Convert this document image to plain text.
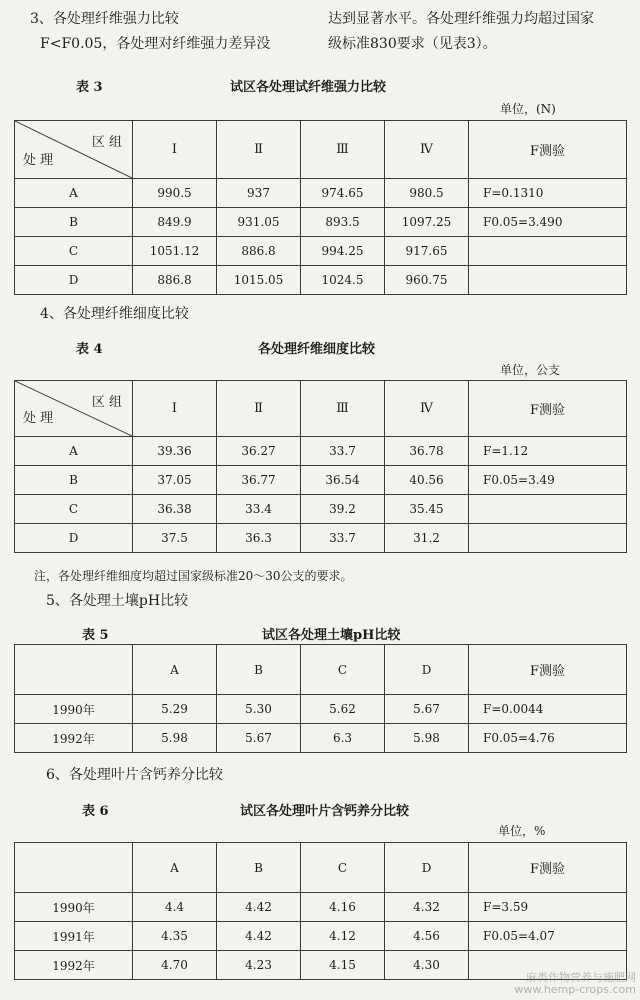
3、各处理纤维强力比较	达到显著水平。各处理纤维强力均超过国家
F<F0.05，各处理对纤维强力差异没	级标准830要求（见表3）。
表 3	试区各处理试纤维强力比较
单位，(N)
区 组
处 理	Ⅰ	Ⅱ	Ⅲ	Ⅳ	F测验
A	990.5	937	974.65	980.5	F=0.1310
B	849.9	931.05	893.5	1097.25	F0.05=3.490
C	1051.12	886.8	994.25	917.65	
D	886.8	1015.05	1024.5	960.75	
4、各处理纤维细度比较
表 4	各处理纤维细度比较
单位，公支
区 组
处 理	Ⅰ	Ⅱ	Ⅲ	Ⅳ	F测验
A	39.36	36.27	33.7	36.78	F=1.12
B	37.05	36.77	36.54	40.56	F0.05=3.49
C	36.38	33.4	39.2	35.45	
D	37.5	36.3	33.7	31.2	
注，各处理纤维细度均超过国家级标准20～30公支的要求。
5、各处理土壤pH比较
表 5	试区各处理土壤pH比较
	A	B	C	D	F测验
1990年	5.29	5.30	5.62	5.67	F=0.0044
1992年	5.98	5.67	6.3	5.98	F0.05=4.76
6、各处理叶片含钙养分比较
表 6	试区各处理叶片含钙养分比较
单位，%
	A	B	C	D	F测验
1990年	4.4	4.42	4.16	4.32	F=3.59
1991年	4.35	4.42	4.12	4.56	F0.05=4.07
1992年	4.70	4.23	4.15	4.30	
麻类作物营养与施肥网
www.hemp-crops.com
